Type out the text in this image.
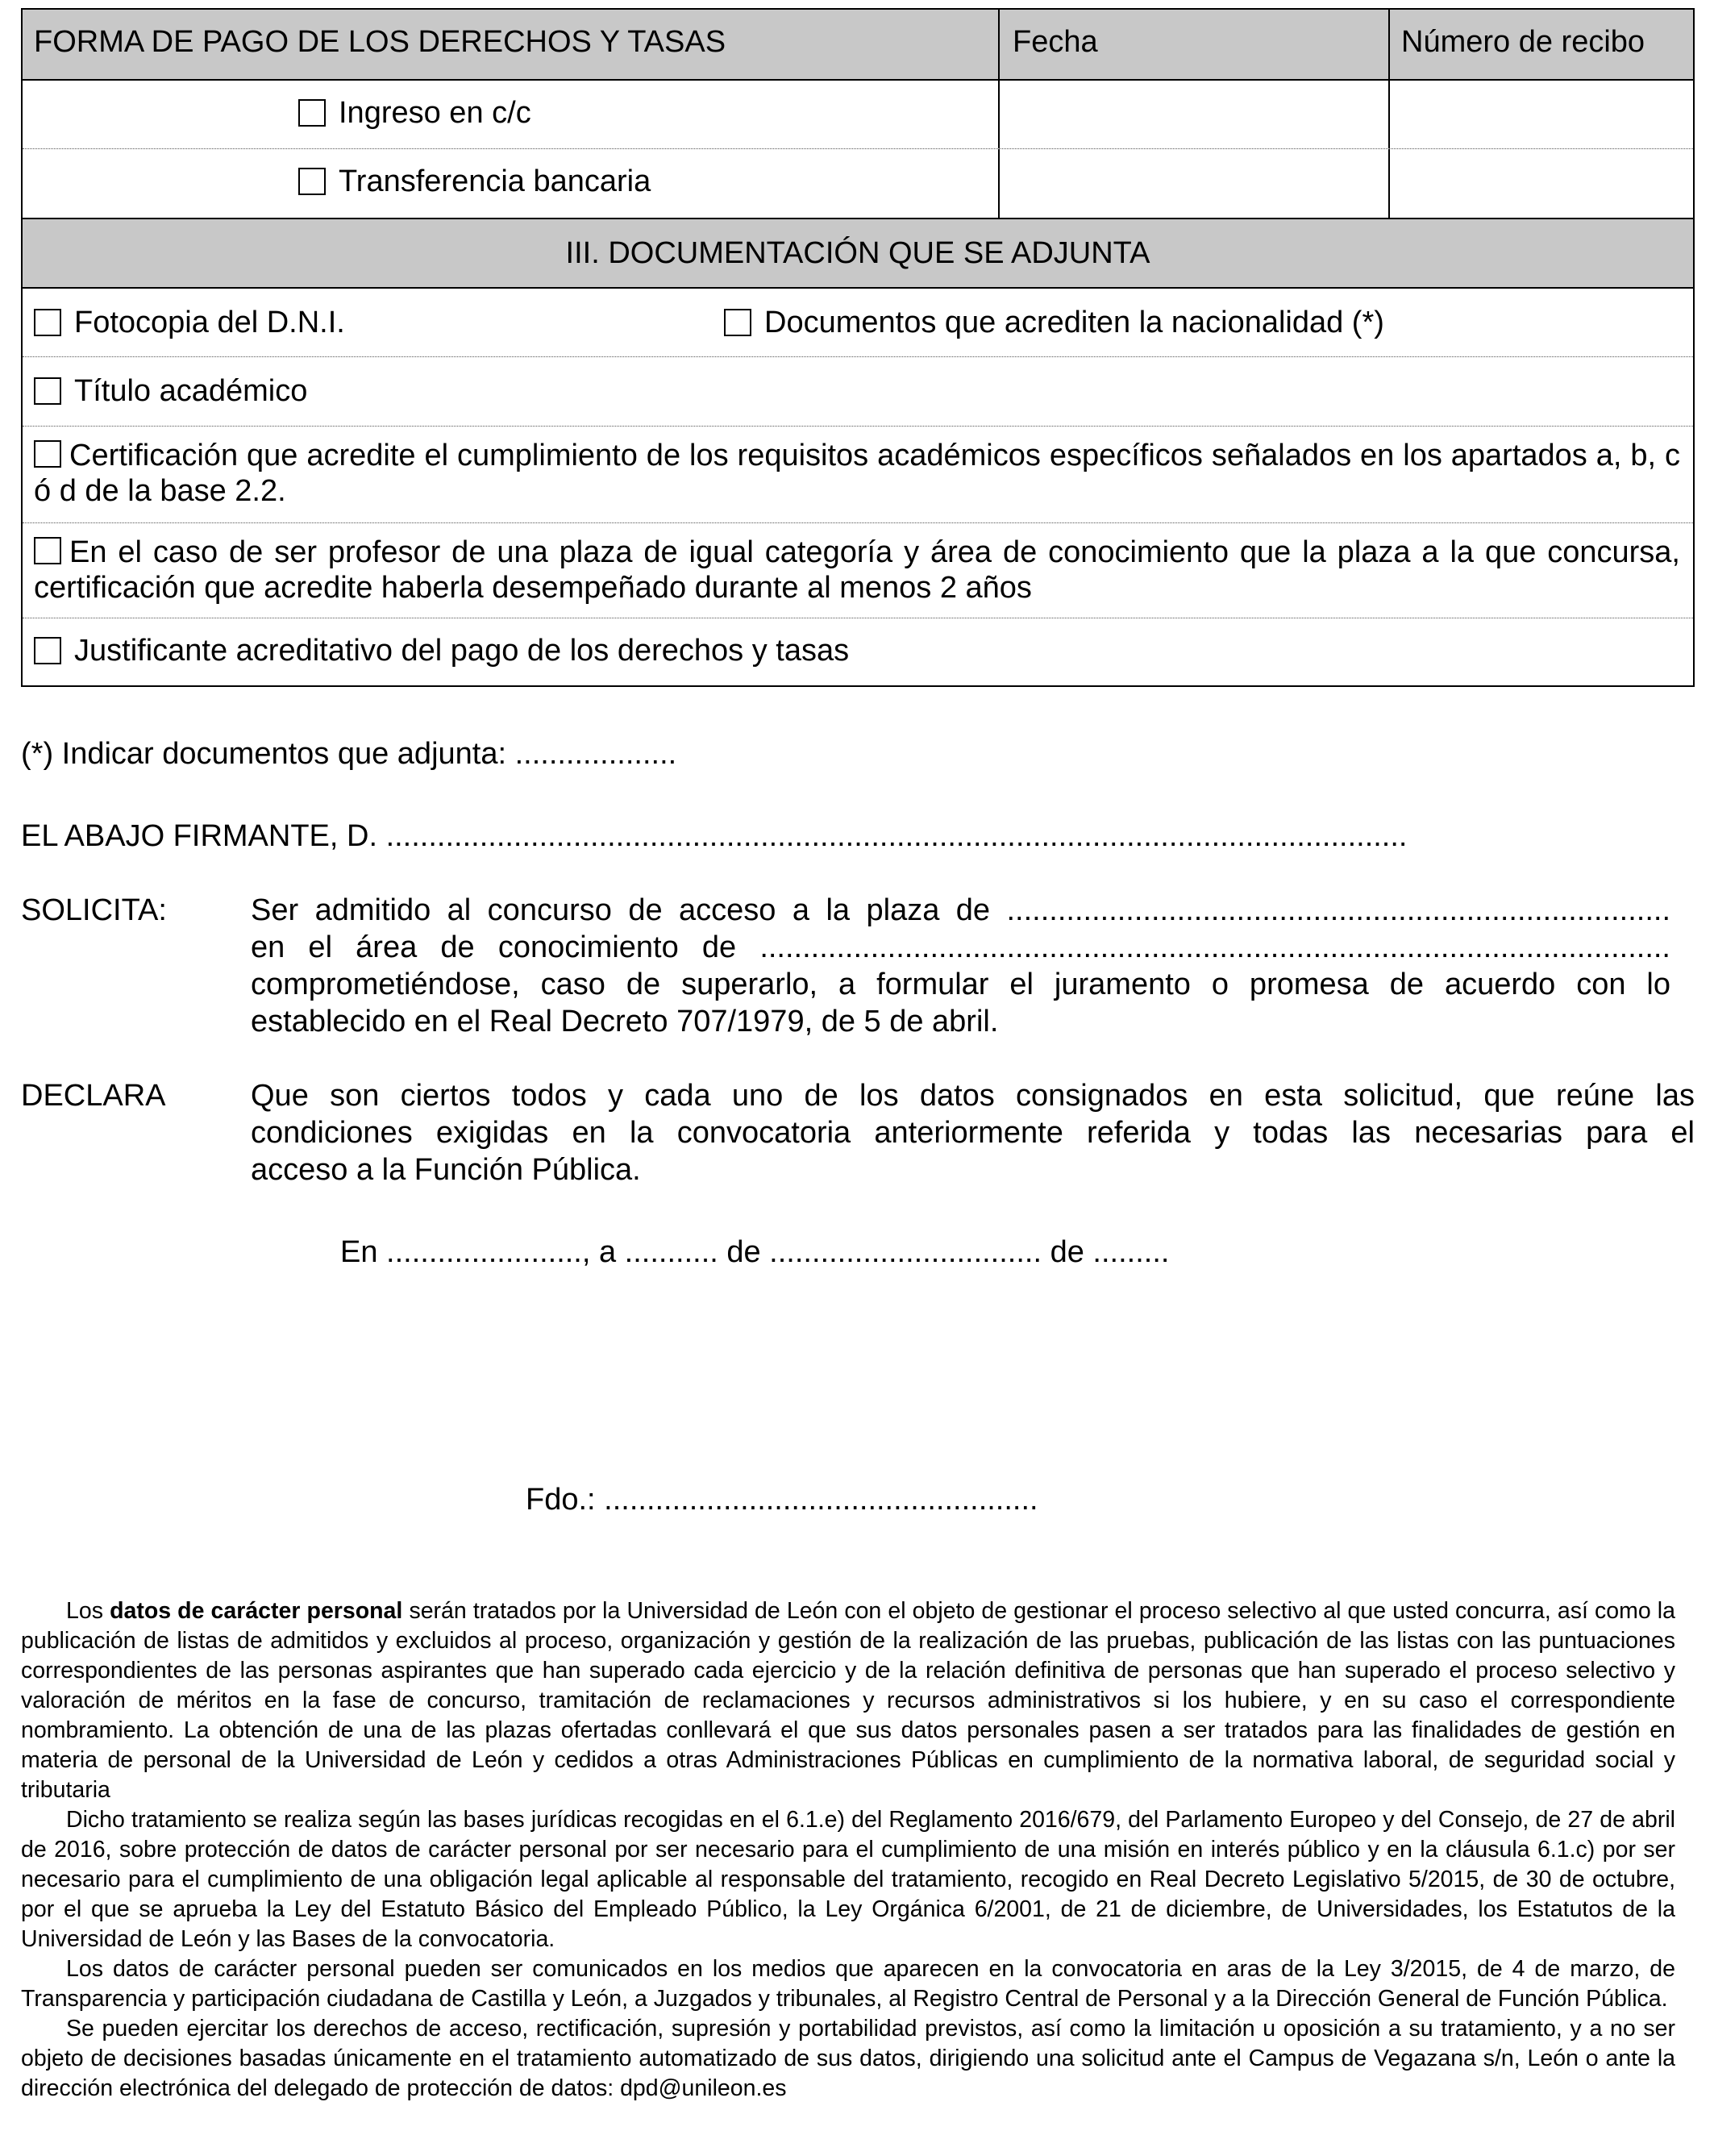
FORMA DE PAGO DE LOS DERECHOS Y TASAS	Fecha	Número de recibo
Ingreso en c/c
Transferencia bancaria
III. DOCUMENTACIÓN QUE SE ADJUNTA
Fotocopia del D.N.I.	Documentos que acrediten la nacionalidad (*)
Título académico
Certificación que acredite el cumplimiento de los requisitos académicos específicos señalados en los apartados a, b, c ó d de la base 2.2.
En el caso de ser profesor de una plaza de igual categoría y área de conocimiento que la plaza a la que concursa, certificación que acredite haberla desempeñado durante al menos 2 años
Justificante acreditativo del pago de los derechos y tasas
(*) Indicar documentos que adjunta: ...................
EL ABAJO FIRMANTE, D. ........................................................................................................................
SOLICITA:	Ser admitido al concurso de acceso a la plaza de ..............................................................................
en el área de conocimiento de ...........................................................................................................
comprometiéndose, caso de superarlo, a formular el juramento o promesa de acuerdo con lo
establecido en el Real Decreto 707/1979, de 5 de abril.
DECLARA	Que son ciertos todos y cada uno de los datos consignados en esta solicitud, que reúne las
condiciones exigidas en la convocatoria anteriormente referida y todas las necesarias para el
acceso a la Función Pública.
En ......................., a ........... de ................................ de .........
Fdo.: ...................................................

Los datos de carácter personal serán tratados por la Universidad de León con el objeto de gestionar el proceso selectivo al que usted concurra, así como la publicación de listas de admitidos y excluidos al proceso, organización y gestión de la realización de las pruebas, publicación de las listas con las puntuaciones correspondientes de las personas aspirantes que han superado cada ejercicio y de la relación definitiva de personas que han superado el proceso selectivo y valoración de méritos en la fase de concurso, tramitación de reclamaciones y recursos administrativos si los hubiere, y en su caso el correspondiente nombramiento. La obtención de una de las plazas ofertadas conllevará el que sus datos personales pasen a ser tratados para las finalidades de gestión en materia de personal de la Universidad de León y cedidos a otras Administraciones Públicas en cumplimiento de la normativa laboral, de seguridad social y tributaria

Dicho tratamiento se realiza según las bases jurídicas recogidas en el 6.1.e) del Reglamento 2016/679, del Parlamento Europeo y del Consejo, de 27 de abril de 2016, sobre protección de datos de carácter personal por ser necesario para el cumplimiento de una misión en interés público y en la cláusula 6.1.c) por ser necesario para el cumplimiento de una obligación legal aplicable al responsable del tratamiento, recogido en Real Decreto Legislativo 5/2015, de 30 de octubre, por el que se aprueba la Ley del Estatuto Básico del Empleado Público, la Ley Orgánica 6/2001, de 21 de diciembre, de Universidades, los Estatutos de la Universidad de León y las Bases de la convocatoria.

Los datos de carácter personal pueden ser comunicados en los medios que aparecen en la convocatoria en aras de la Ley 3/2015, de 4 de marzo, de Transparencia y participación ciudadana de Castilla y León, a Juzgados y tribunales, al Registro Central de Personal y a la Dirección General de Función Pública.

Se pueden ejercitar los derechos de acceso, rectificación, supresión y portabilidad previstos, así como la limitación u oposición a su tratamiento, y a no ser objeto de decisiones basadas únicamente en el tratamiento automatizado de sus datos, dirigiendo una solicitud ante el Campus de Vegazana s/n, León o ante la dirección electrónica del delegado de protección de datos: dpd@unileon.es
